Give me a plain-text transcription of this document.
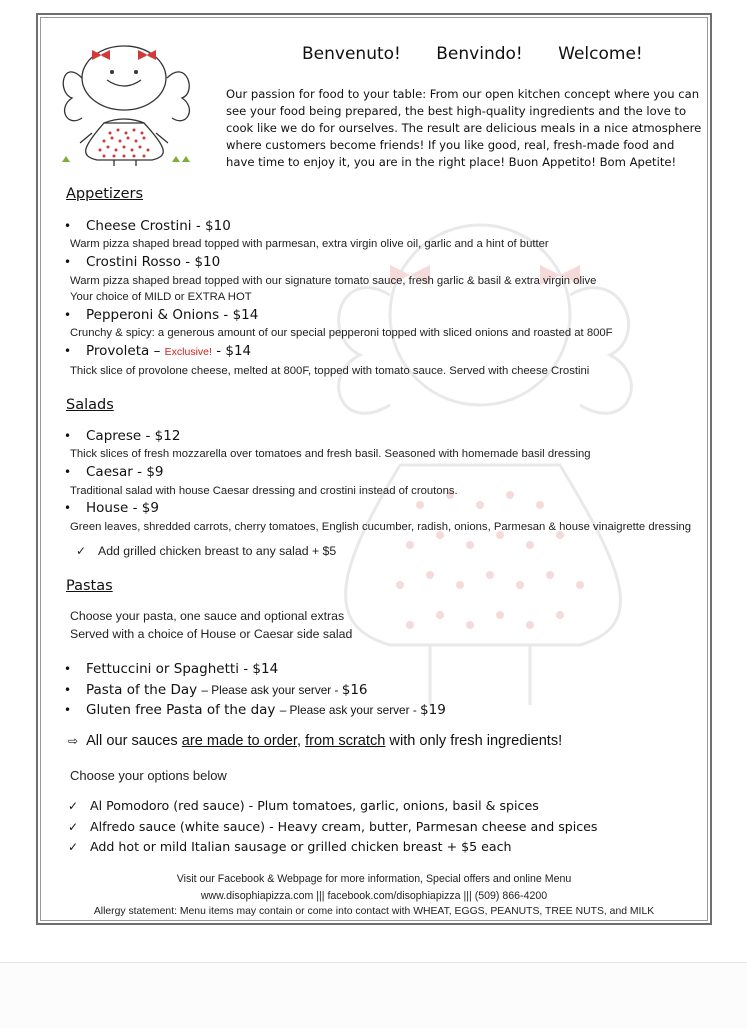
Benvenuto! Benvindo! Welcome!
Our passion for food to your table: From our open kitchen concept where you can see your food being prepared, the best high-quality ingredients and the love to cook like we do for ourselves. The result are delicious meals in a nice atmosphere where customers become friends! If you like good, real, fresh-made food and have time to enjoy it, you are in the right place! Buon Appetito! Bom Apetite!
Appetizers
• Cheese Crostini - $10
Warm pizza shaped bread topped with parmesan, extra virgin olive oil, garlic and a hint of butter
• Crostini Rosso - $10
Warm pizza shaped bread topped with our signature tomato sauce, fresh garlic & basil & extra virgin olive
Your choice of MILD or EXTRA HOT
• Pepperoni & Onions - $14
Crunchy & spicy: a generous amount of our special pepperoni topped with sliced onions and roasted at 800F
• Provoleta – Exclusive! - $14
Thick slice of provolone cheese, melted at 800F, topped with tomato sauce. Served with cheese Crostini
Salads
• Caprese - $12
Thick slices of fresh mozzarella over tomatoes and fresh basil. Seasoned with homemade basil dressing
• Caesar - $9
Traditional salad with house Caesar dressing and crostini instead of croutons.
• House - $9
Green leaves, shredded carrots, cherry tomatoes, English cucumber, radish, onions, Parmesan & house vinaigrette dressing
✓ Add grilled chicken breast to any salad + $5
Pastas
Choose your pasta, one sauce and optional extras
Served with a choice of House or Caesar side salad
• Fettuccini or Spaghetti - $14
• Pasta of the Day – Please ask your server - $16
• Gluten free Pasta of the day – Please ask your server - $19
⇨ All our sauces are made to order, from scratch with only fresh ingredients!
Choose your options below
✓ Al Pomodoro (red sauce) - Plum tomatoes, garlic, onions, basil & spices
✓ Alfredo sauce (white sauce) - Heavy cream, butter, Parmesan cheese and spices
✓ Add hot or mild Italian sausage or grilled chicken breast + $5 each
Visit our Facebook & Webpage for more information, Special offers and online Menu
www.disophiapizza.com ||| facebook.com/disophiapizza ||| (509) 866-4200
Allergy statement: Menu items may contain or come into contact with WHEAT, EGGS, PEANUTS, TREE NUTS, and MILK
